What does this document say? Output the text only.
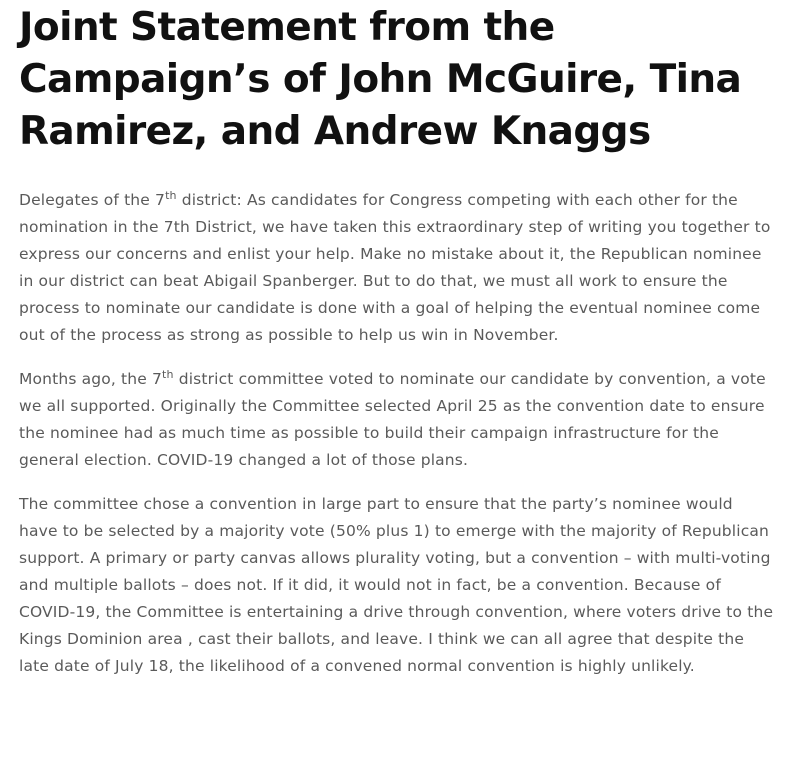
Joint Statement from the Campaign’s of John McGuire, Tina Ramirez, and Andrew Knaggs

Delegates of the 7th district: As candidates for Congress competing with each other for the nomination in the 7th District, we have taken this extraordinary step of writing you together to express our concerns and enlist your help. Make no mistake about it, the Republican nominee in our district can beat Abigail Spanberger. But to do that, we must all work to ensure the process to nominate our candidate is done with a goal of helping the eventual nominee come out of the process as strong as possible to help us win in November.

Months ago, the 7th district committee voted to nominate our candidate by convention, a vote we all supported. Originally the Committee selected April 25 as the convention date to ensure the nominee had as much time as possible to build their campaign infrastructure for the general election. COVID-19 changed a lot of those plans.

The committee chose a convention in large part to ensure that the party’s nominee would have to be selected by a majority vote (50% plus 1) to emerge with the majority of Republican support. A primary or party canvas allows plurality voting, but a convention – with multi-voting and multiple ballots – does not. If it did, it would not in fact, be a convention. Because of COVID-19, the Committee is entertaining a drive through convention, where voters drive to the Kings Dominion area , cast their ballots, and leave. I think we can all agree that despite the late date of July 18, the likelihood of a convened normal convention is highly unlikely.
